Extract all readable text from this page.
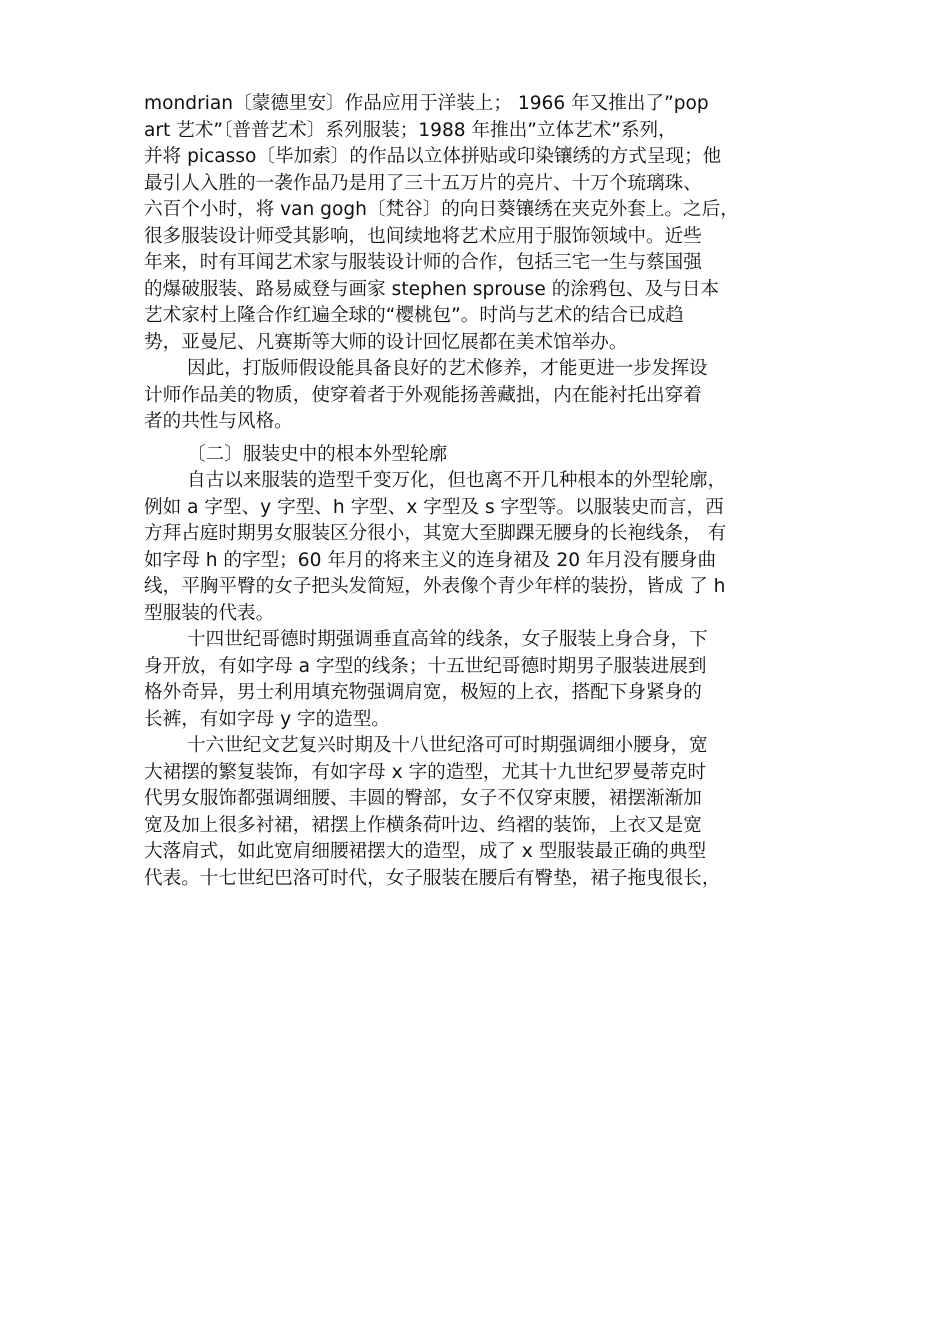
mondrian〔蒙德里安〕作品应用于洋装上； 1966 年又推出了”pop
art 艺术”〔普普艺术〕系列服装；1988 年推出”立体艺术”系列，
并将 picasso〔毕加索〕的作品以立体拼贴或印染镶绣的方式呈现；他
最引人入胜的一袭作品乃是用了三十五万片的亮片、十万个琉璃珠、
六百个小时，将 van gogh〔梵谷〕的向日葵镶绣在夹克外套上。之后，
很多服装设计师受其影响，也间续地将艺术应用于服饰领域中。近些
年来，时有耳闻艺术家与服装设计师的合作，包括三宅一生与蔡国强
的爆破服装、路易威登与画家 stephen sprouse 的涂鸦包、及与日本
艺术家村上隆合作红遍全球的“樱桃包”。时尚与艺术的结合已成趋
势，亚曼尼、凡赛斯等大师的设计回忆展都在美术馆举办。
因此，打版师假设能具备良好的艺术修养，才能更进一步发挥设
计师作品美的物质，使穿着者于外观能扬善藏拙，内在能衬托出穿着
者的共性与风格。
〔二〕服装史中的根本外型轮廓
自古以来服装的造型千变万化，但也离不开几种根本的外型轮廓，
例如 a 字型、y 字型、h 字型、x 字型及 s 字型等。以服装史而言，西
方拜占庭时期男女服装区分很小，其宽大至脚踝无腰身的长袍线条， 有
如字母 h 的字型；60 年月的将来主义的连身裙及 20 年月没有腰身曲
线，平胸平臀的女子把头发简短，外表像个青少年样的装扮，皆成 了 h
型服装的代表。
十四世纪哥德时期强调垂直高耸的线条，女子服装上身合身，下
身开放，有如字母 a 字型的线条；十五世纪哥德时期男子服装进展到
格外奇异，男士利用填充物强调肩宽，极短的上衣，搭配下身紧身的
长裤，有如字母 y 字的造型。
十六世纪文艺复兴时期及十八世纪洛可可时期强调细小腰身，宽
大裙摆的繁复装饰，有如字母 x 字的造型，尤其十九世纪罗曼蒂克时
代男女服饰都强调细腰、丰圆的臀部，女子不仅穿束腰，裙摆渐渐加
宽及加上很多衬裙，裙摆上作横条荷叶边、绉褶的装饰，上衣又是宽
大落肩式，如此宽肩细腰裙摆大的造型，成了 x 型服装最正确的典型
代表。十七世纪巴洛可时代，女子服装在腰后有臀垫，裙子拖曳很长，
